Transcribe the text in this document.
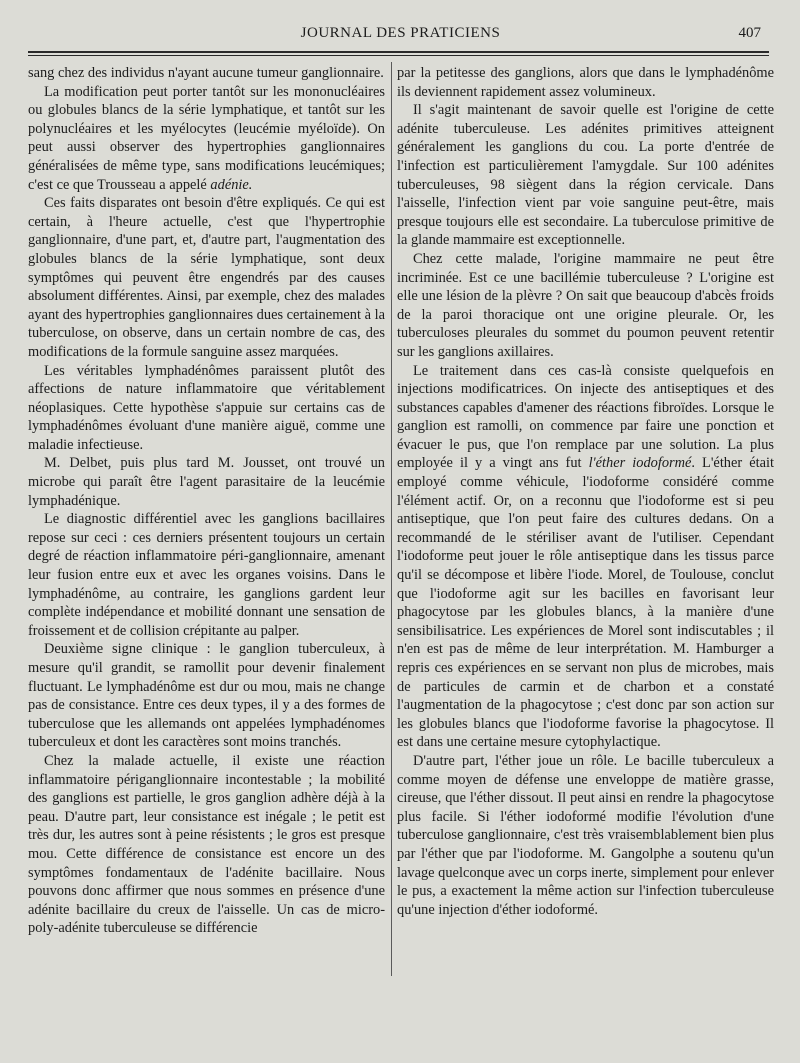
JOURNAL DES PRATICIENS	407

sang chez des individus n'ayant aucune tumeur ganglionnaire.

La modification peut porter tantôt sur les mononucléaires ou globules blancs de la série lymphatique, et tantôt sur les polynucléaires et les myélocytes (leucémie myéloïde). On peut aussi observer des hypertrophies ganglionnaires généralisées de même type, sans modifications leucémiques; c'est ce que Trousseau a appelé adénie.

Ces faits disparates ont besoin d'être expliqués. Ce qui est certain, à l'heure actuelle, c'est que l'hypertrophie ganglionnaire, d'une part, et, d'autre part, l'augmentation des globules blancs de la série lymphatique, sont deux symptômes qui peuvent être engendrés par des causes absolument différentes. Ainsi, par exemple, chez des malades ayant des hypertrophies ganglionnaires dues certainement à la tuberculose, on observe, dans un certain nombre de cas, des modifications de la formule sanguine assez marquées.

Les véritables lymphadénômes paraissent plutôt des affections de nature inflammatoire que véritablement néoplasiques. Cette hypothèse s'appuie sur certains cas de lymphadénômes évoluant d'une manière aiguë, comme une maladie infectieuse.

M. Delbet, puis plus tard M. Jousset, ont trouvé un microbe qui paraît être l'agent parasitaire de la leucémie lymphadénique.

Le diagnostic différentiel avec les ganglions bacillaires repose sur ceci : ces derniers présentent toujours un certain degré de réaction inflammatoire péri-ganglionnaire, amenant leur fusion entre eux et avec les organes voisins. Dans le lymphadénôme, au contraire, les ganglions gardent leur complète indépendance et mobilité donnant une sensation de froissement et de collision crépitante au palper.

Deuxième signe clinique : le ganglion tuberculeux, à mesure qu'il grandit, se ramollit pour devenir finalement fluctuant. Le lymphadénôme est dur ou mou, mais ne change pas de consistance. Entre ces deux types, il y a des formes de tuberculose que les allemands ont appelées lymphadénomes tuberculeux et dont les caractères sont moins tranchés.

Chez la malade actuelle, il existe une réaction inflammatoire périganglionnaire incontestable ; la mobilité des ganglions est partielle, le gros ganglion adhère déjà à la peau. D'autre part, leur consistance est inégale ; le petit est très dur, les autres sont à peine résistents ; le gros est presque mou. Cette différence de consistance est encore un des symptômes fondamentaux de l'adénite bacillaire. Nous pouvons donc affirmer que nous sommes en présence d'une adénite bacillaire du creux de l'aisselle. Un cas de micro-poly-adénite tuberculeuse se différencie

par la petitesse des ganglions, alors que dans le lymphadénôme ils deviennent rapidement assez volumineux.

Il s'agit maintenant de savoir quelle est l'origine de cette adénite tuberculeuse. Les adénites primitives atteignent généralement les ganglions du cou. La porte d'entrée de l'infection est particulièrement l'amygdale. Sur 100 adénites tuberculeuses, 98 siègent dans la région cervicale. Dans l'aisselle, l'infection vient par voie sanguine peut-être, mais presque toujours elle est secondaire. La tuberculose primitive de la glande mammaire est exceptionnelle.

Chez cette malade, l'origine mammaire ne peut être incriminée. Est ce une bacillémie tuberculeuse ? L'origine est elle une lésion de la plèvre ? On sait que beaucoup d'abcès froids de la paroi thoracique ont une origine pleurale. Or, les tuberculoses pleurales du sommet du poumon peuvent retentir sur les ganglions axillaires.

Le traitement dans ces cas-là consiste quelquefois en injections modificatrices. On injecte des antiseptiques et des substances capables d'amener des réactions fibroïdes. Lorsque le ganglion est ramolli, on commence par faire une ponction et évacuer le pus, que l'on remplace par une solution. La plus employée il y a vingt ans fut l'éther iodoformé. L'éther était employé comme véhicule, l'iodoforme considéré comme l'élément actif. Or, on a reconnu que l'iodoforme est si peu antiseptique, que l'on peut faire des cultures dedans. On a recommandé de le stériliser avant de l'utiliser. Cependant l'iodoforme peut jouer le rôle antiseptique dans les tissus parce qu'il se décompose et libère l'iode. Morel, de Toulouse, conclut que l'iodoforme agit sur les bacilles en favorisant leur phagocytose par les globules blancs, à la manière d'une sensibilisatrice. Les expériences de Morel sont indiscutables ; il n'en est pas de même de leur interprétation. M. Hamburger a repris ces expériences en se servant non plus de microbes, mais de particules de carmin et de charbon et a constaté l'augmentation de la phagocytose ; c'est donc par son action sur les globules blancs que l'iodoforme favorise la phagocytose. Il est dans une certaine mesure cytophylactique.

D'autre part, l'éther joue un rôle. Le bacille tuberculeux a comme moyen de défense une enveloppe de matière grasse, cireuse, que l'éther dissout. Il peut ainsi en rendre la phagocytose plus facile. Si l'éther iodoformé modifie l'évolution d'une tuberculose ganglionnaire, c'est très vraisemblablement bien plus par l'éther que par l'iodoforme. M. Gangolphe a soutenu qu'un lavage quelconque avec un corps inerte, simplement pour enlever le pus, a exactement la même action sur l'infection tuberculeuse qu'une injection d'éther iodoformé.
